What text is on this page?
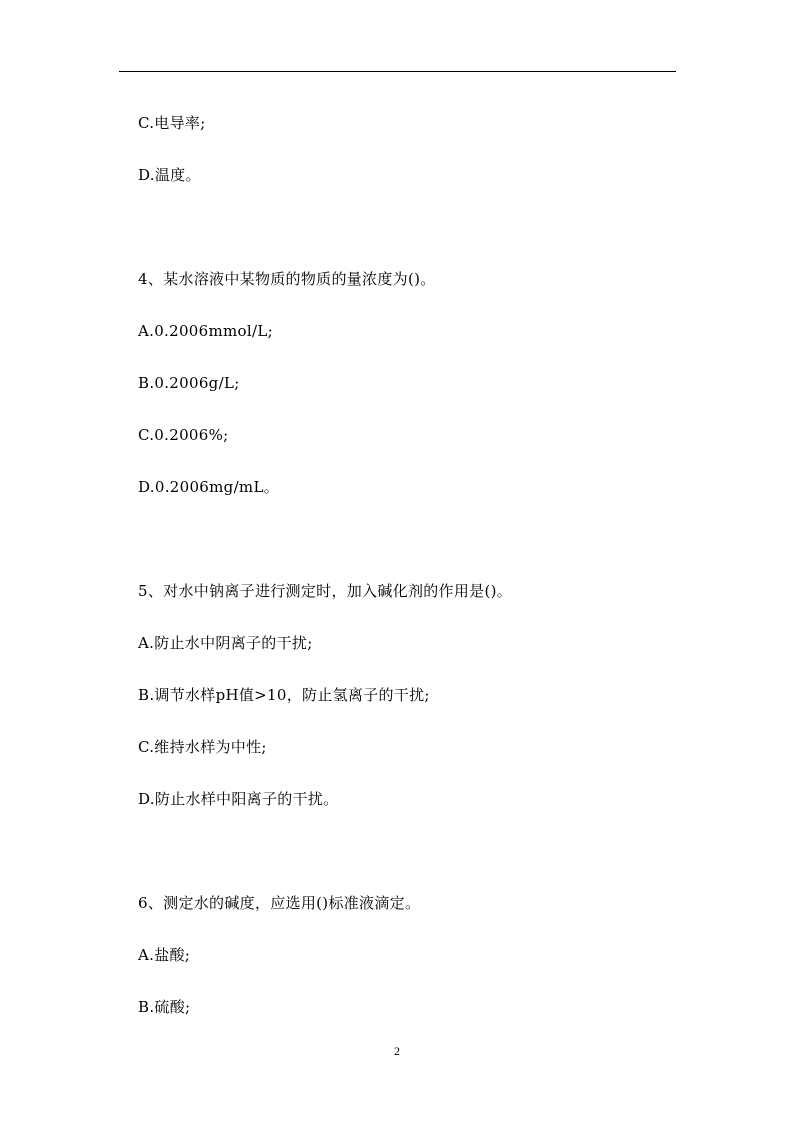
C.电导率;
D.温度。
4、某水溶液中某物质的物质的量浓度为()。
A.0.2006mmol/L;
B.0.2006g/L;
C.0.2006%;
D.0.2006mg/mL。
5、对水中钠离子进行测定时，加入碱化剂的作用是()。
A.防止水中阴离子的干扰;
B.调节水样pH值>10，防止氢离子的干扰;
C.维持水样为中性;
D.防止水样中阳离子的干扰。
6、测定水的碱度，应选用()标准液滴定。
A.盐酸;
B.硫酸;
2
